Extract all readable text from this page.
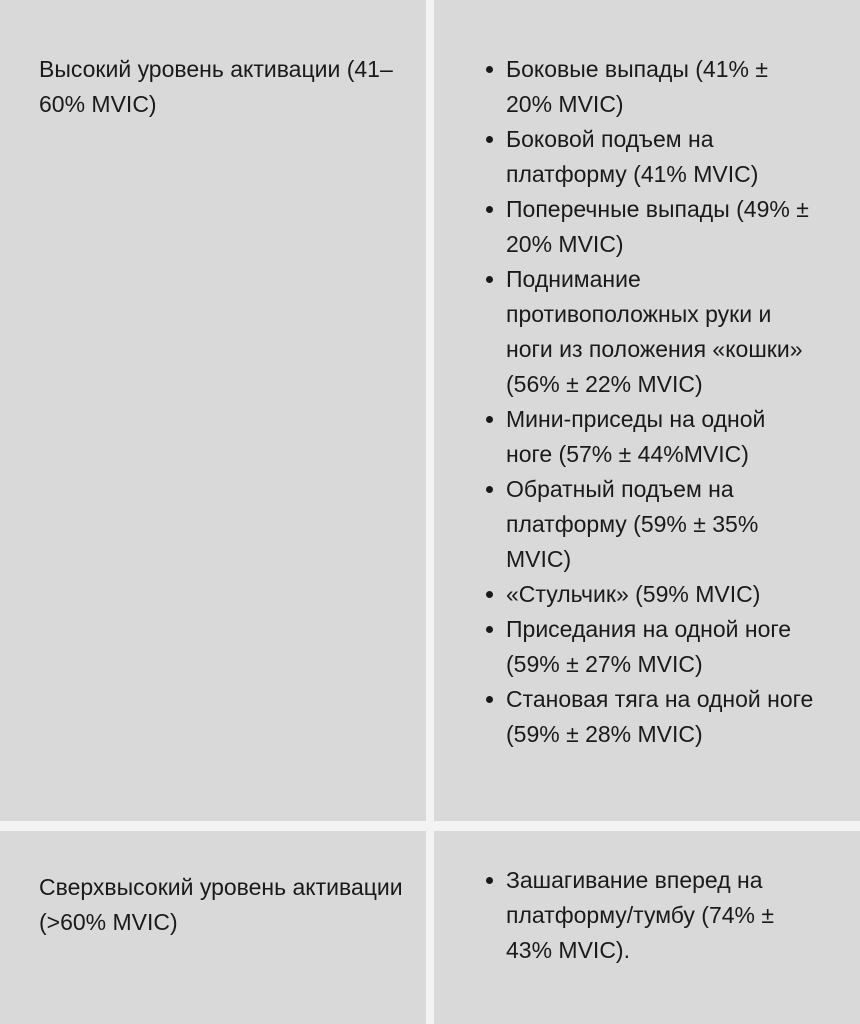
Высокий уровень активации (41–60% MVIC)

Боковые выпады (41% ± 20% MVIC)
Боковой подъем на платформу (41% MVIC)
Поперечные выпады (49% ± 20% MVIC)
Поднимание противоположных руки и ноги из положения «кошки» (56% ± 22% MVIC)
Мини-приседы на одной ноге (57% ± 44%MVIC)
Обратный подъем на платформу (59% ± 35% MVIC)
«Стульчик» (59% MVIC)
Приседания на одной ноге (59% ± 27% MVIC)
Становая тяга на одной ноге (59% ± 28% MVIC)

Сверхвысокий уровень активации (>60% MVIC)

Зашагивание вперед на платформу/тумбу (74% ± 43% MVIC).
